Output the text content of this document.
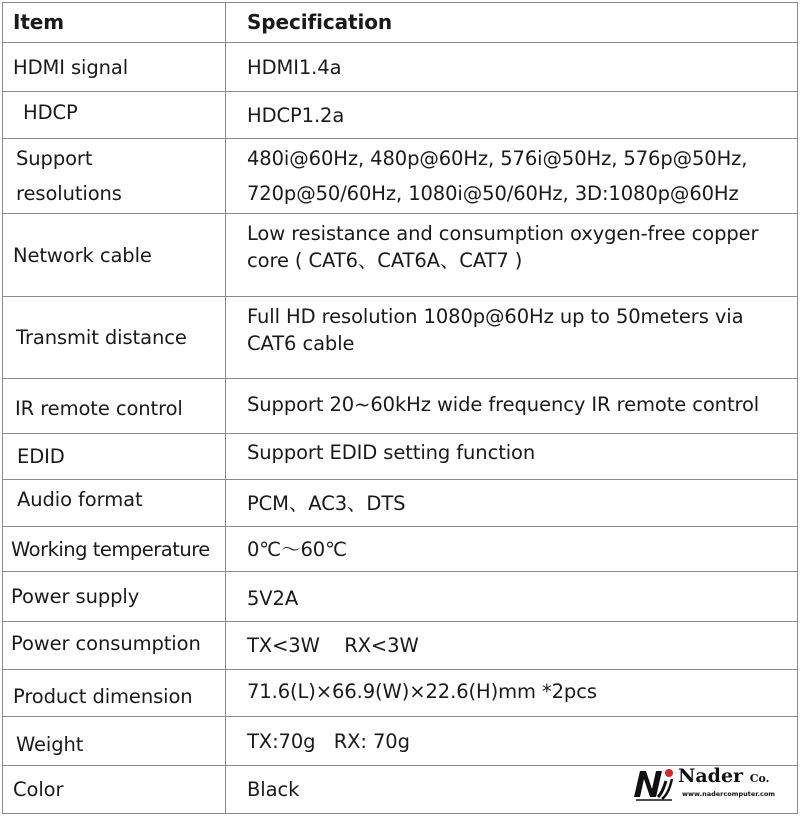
Item	Specification

HDMI signal	HDMI1.4a

HDCP	HDCP1.2a

Support
resolutions	480i@60Hz, 480p@60Hz, 576i@50Hz, 576p@50Hz,
720p@50/60Hz, 1080i@50/60Hz, 3D:1080p@60Hz

Network cable	Low resistance and consumption oxygen-free copper
core ( CAT6、CAT6A、CAT7 )

Transmit distance	Full HD resolution 1080p@60Hz up to 50meters via
CAT6 cable

IR remote control	Support 20~60kHz wide frequency IR remote control

EDID	Support EDID setting function

Audio format	PCM、AC3、DTS

Working temperature	0℃～60℃

Power supply	5V2A

Power consumption	TX<3W    RX<3W

Product dimension	71.6(L)×66.9(W)×22.6(H)mm *2pcs

Weight	TX:70g   RX: 70g

Color	Black
Nader Co.
www.nadercomputer.com
